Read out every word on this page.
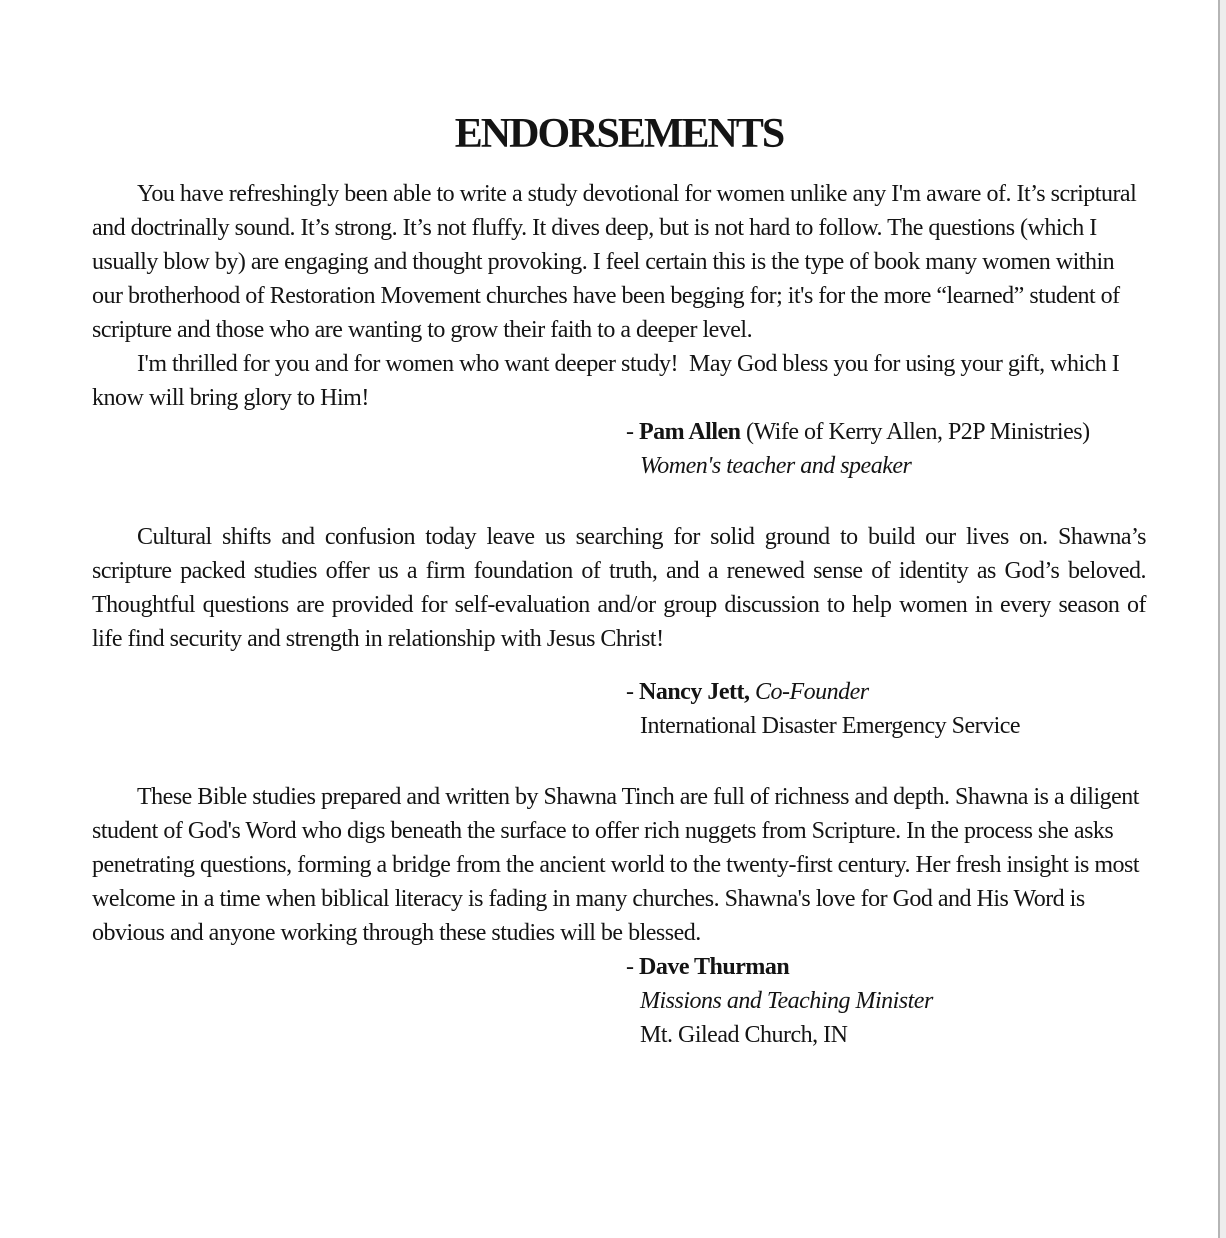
ENDORSEMENTS

You have refreshingly been able to write a study devotional for women unlike any I'm aware of. It’s scriptural and doctrinally sound. It’s strong. It’s not fluffy. It dives deep, but is not hard to follow. The questions (which I usually blow by) are engaging and thought provoking. I feel certain this is the type of book many women within our brotherhood of Restoration Movement churches have been begging for; it's for the more “learned” student of scripture and those who are wanting to grow their faith to a deeper level.

I'm thrilled for you and for women who want deeper study!  May God bless you for using your gift, which I know will bring glory to Him!

- Pam Allen (Wife of Kerry Allen, P2P Ministries)
Women's teacher and speaker

Cultural shifts and confusion today leave us searching for solid ground to build our lives on. Shawna’s scripture packed studies offer us a firm foundation of truth, and a renewed sense of identity as God’s beloved. Thoughtful questions are provided for self-evaluation and/or group discussion to help women in every season of life find security and strength in relationship with Jesus Christ!

- Nancy Jett, Co-Founder
International Disaster Emergency Service

These Bible studies prepared and written by Shawna Tinch are full of richness and depth. Shawna is a diligent student of God's Word who digs beneath the surface to offer rich nuggets from Scripture. In the process she asks penetrating questions, forming a bridge from the ancient world to the twenty-first century. Her fresh insight is most welcome in a time when biblical literacy is fading in many churches. Shawna's love for God and His Word is obvious and anyone working through these studies will be blessed.

- Dave Thurman
Missions and Teaching Minister
Mt. Gilead Church, IN
